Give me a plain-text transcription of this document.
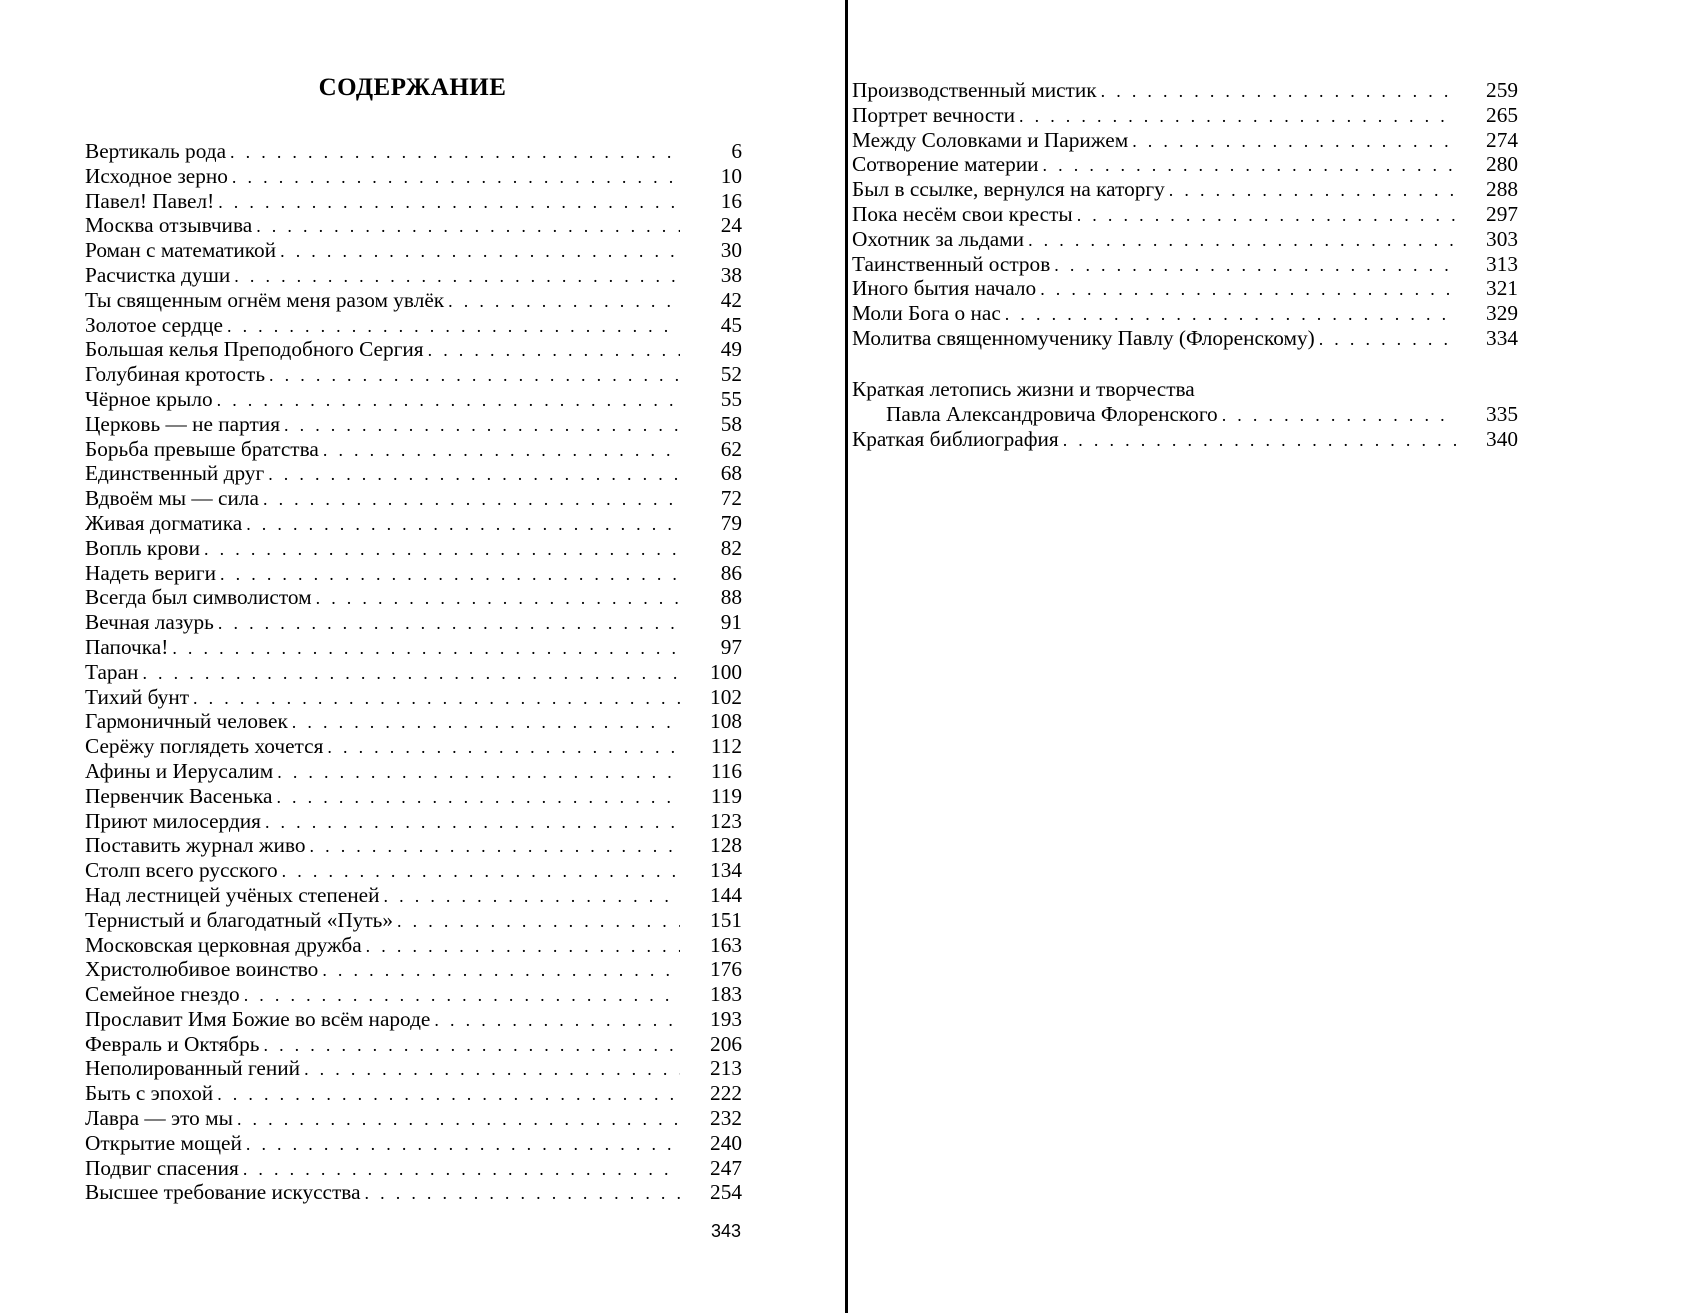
СОДЕРЖАНИЕ
Вертикаль рода . . .	6
Исходное зерно . . .	10
Павел! Павел! . . .	16
Москва отзывчива . . .	24
Роман с математикой . . .	30
Расчистка души . . .	38
Ты священным огнём меня разом увлёк . . .	42
Золотое сердце . . .	45
Большая келья Преподобного Сергия . . .	49
Голубиная кротость . . .	52
Чёрное крыло . . .	55
Церковь — не партия . . .	58
Борьба превыше братства . . .	62
Единственный друг . . .	68
Вдвоём мы — сила . . .	72
Живая догматика . . .	79
Вопль крови . . .	82
Надеть вериги . . .	86
Всегда был символистом . . .	88
Вечная лазурь . . .	91
Папочка! . . .	97
Таран . . .	100
Тихий бунт . . .	102
Гармоничный человек . . .	108
Серёжу поглядеть хочется . . .	112
Афины и Иерусалим . . .	116
Первенчик Васенька . . .	119
Приют милосердия . . .	123
Поставить журнал живо . . .	128
Столп всего русского . . .	134
Над лестницей учёных степеней . . .	144
Тернистый и благодатный «Путь» . . .	151
Московская церковная дружба . . .	163
Христолюбивое воинство . . .	176
Семейное гнездо . . .	183
Прославит Имя Божие во всём народе . . .	193
Февраль и Октябрь . . .	206
Неполированный гений . . .	213
Быть с эпохой . . .	222
Лавра — это мы . . .	232
Открытие мощей . . .	240
Подвиг спасения . . .	247
Высшее требование искусства . . .	254
343
Производственный мистик . . .	259
Портрет вечности . . .	265
Между Соловками и Парижем . . .	274
Сотворение материи . . .	280
Был в ссылке, вернулся на каторгу . . .	288
Пока несём свои кресты . . .	297
Охотник за льдами . . .	303
Таинственный остров . . .	313
Иного бытия начало . . .	321
Моли Бога о нас . . .	329
Молитва священномученику Павлу (Флоренскому) . . .	334
Краткая летопись жизни и творчества
Павла Александровича Флоренского . . .	335
Краткая библиография . . .	340
